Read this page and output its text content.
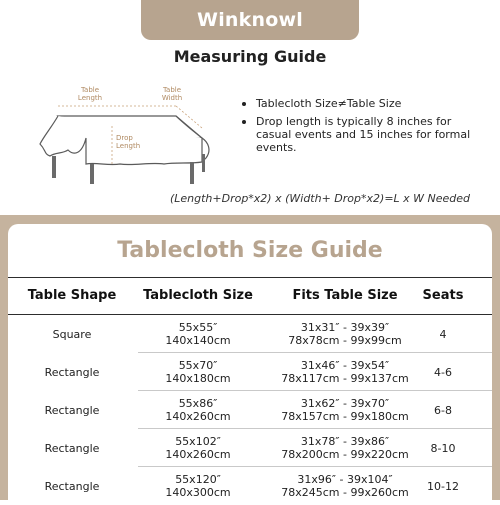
Winknowl
Measuring Guide
Table
Length
Table
Width
Drop
Length
Tablecloth Size≠Table Size
Drop length is typically 8 inches for casual events and 15 inches for formal events.
(Length+Drop*x2) x (Width+ Drop*x2)=L x W Needed
Tablecloth Size Guide
Table Shape	Tablecloth Size	Fits Table Size	Seats
Square	55x55″
140x140cm
31x31″ - 39x39″
78x78cm - 99x99cm	4
Rectangle	55x70″
140x180cm
31x46″ - 39x54″
78x117cm - 99x137cm	4-6
Rectangle	55x86″
140x260cm
31x62″ - 39x70″
78x157cm - 99x180cm	6-8
Rectangle	55x102″
140x260cm
31x78″ - 39x86″
78x200cm - 99x220cm	8-10
Rectangle	55x120″
140x300cm
31x96″ - 39x104″
78x245cm - 99x260cm	10-12
